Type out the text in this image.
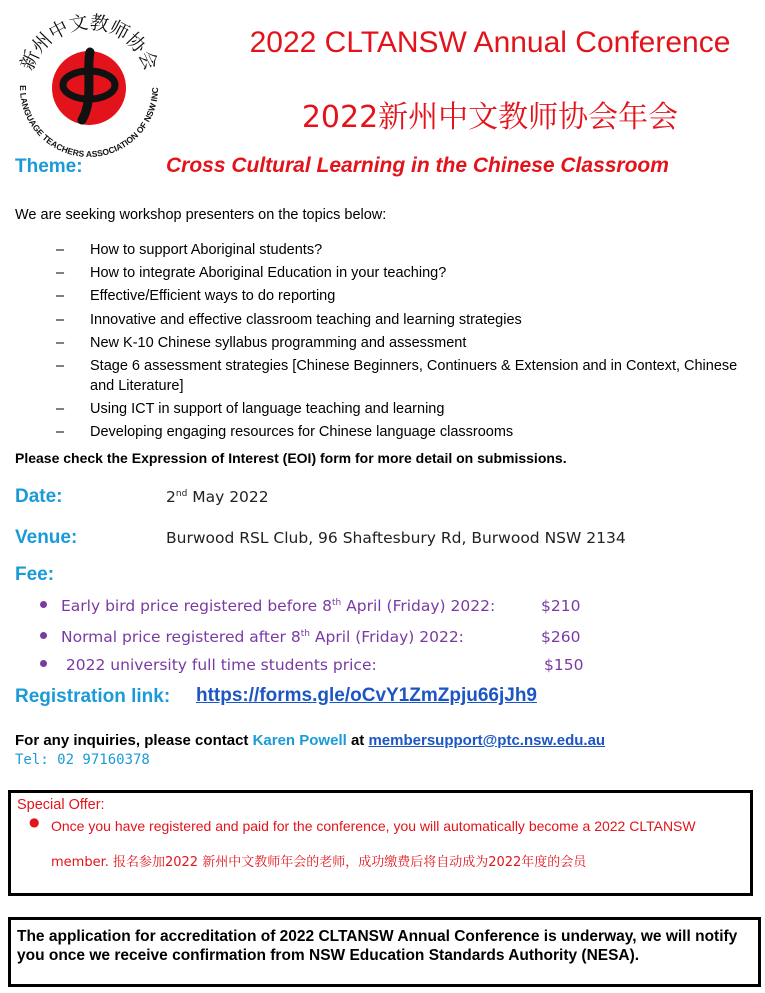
新州中文教师协会
E LANGUAGE TEACHERS ASSOCIATION OF NSW INC
2022 CLTANSW Annual Conference
2022新州中文教师协会年会
Theme:	Cross Cultural Learning in the Chinese Classroom
We are seeking workshop presenters on the topics below:
– How to support Aboriginal students?
– How to integrate Aboriginal Education in your teaching?
– Effective/Efficient ways to do reporting
– Innovative and effective classroom teaching and learning strategies
– New K-10 Chinese syllabus programming and assessment
– Stage 6 assessment strategies [Chinese Beginners, Continuers & Extension and in Context, Chinese and Literature]
– Using ICT in support of language teaching and learning
– Developing engaging resources for Chinese language classrooms
Please check the Expression of Interest (EOI) form for more detail on submissions.
Date:	2nd May 2022
Venue:	Burwood RSL Club, 96 Shaftesbury Rd, Burwood NSW 2134
Fee:
Early bird price registered before 8th April (Friday) 2022:	$210
Normal price registered after 8th April (Friday) 2022:	$260
2022 university full time students price:	$150
Registration link: https://forms.gle/oCvY1ZmZpju66jJh9
For any inquiries, please contact Karen Powell at membersupport@ptc.nsw.edu.au
Tel: 02 97160378
Special Offer:
● Once you have registered and paid for the conference, you will automatically become a 2022 CLTANSW
member. 报名参加2022 新州中文教师年会的老师，成功缴费后将自动成为2022年度的会员

The application for accreditation of 2022 CLTANSW Annual Conference is underway, we will notify you once we receive confirmation from NSW Education Standards Authority (NESA).
